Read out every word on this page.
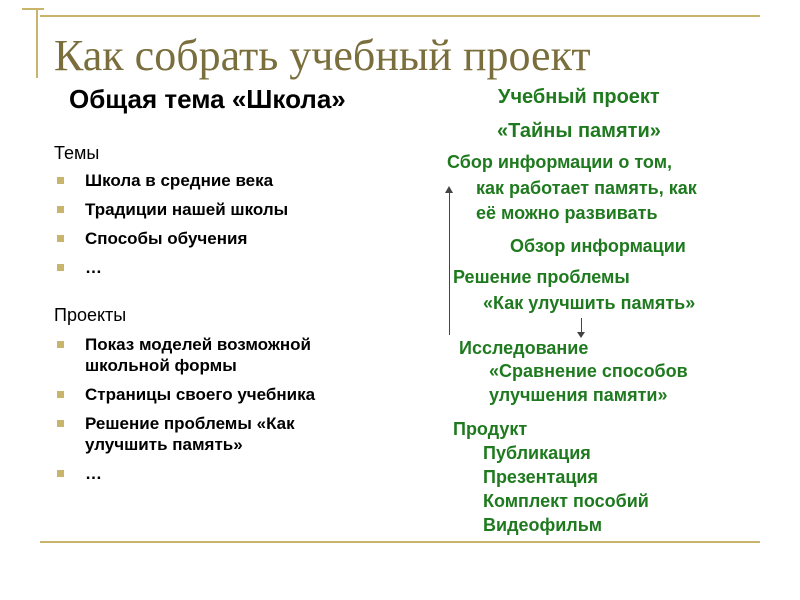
Как собрать учебный проект
Общая тема «Школа»
Темы
Школа в средние века
Традиции нашей школы
Способы обучения
…
Проекты
Показ моделей возможной
школьной формы
Страницы своего учебника
Решение проблемы «Как
улучшить память»
…
Учебный проект
«Тайны памяти»
Сбор информации о том,
как работает память, как
её можно развивать
Обзор информации
Решение проблемы
«Как улучшить память»
Исследование
«Сравнение способов
улучшения памяти»
Продукт
Публикация
Презентация
Комплект пособий
Видеофильм
